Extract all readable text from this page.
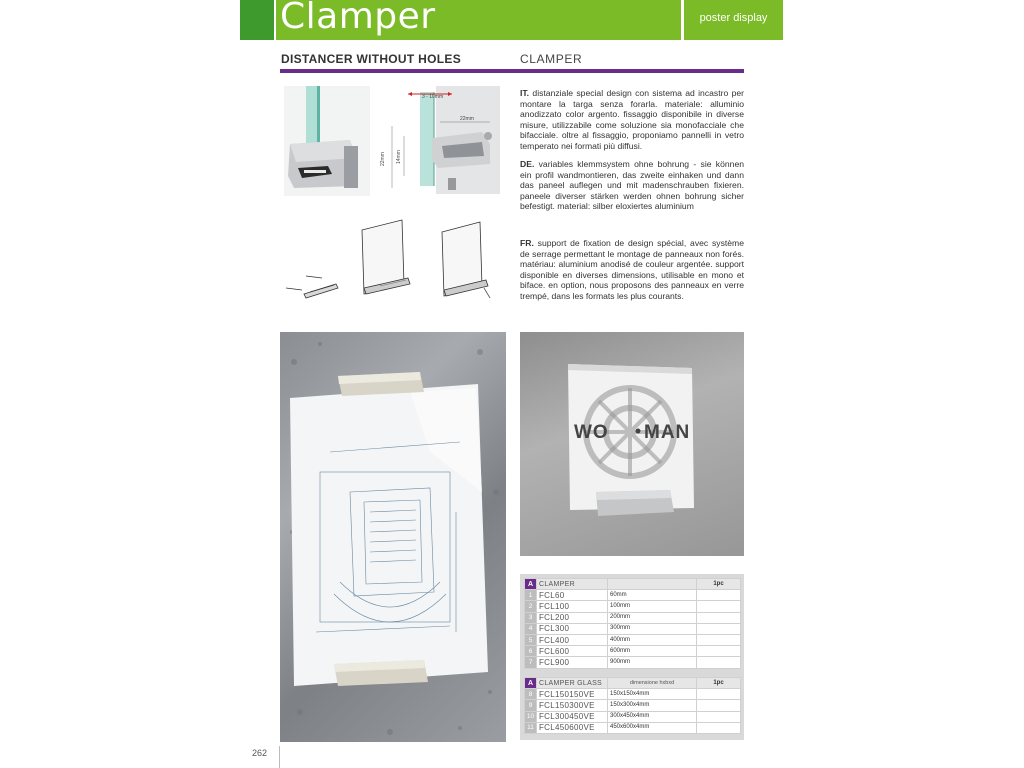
Clamper	poster display
DISTANCER WITHOUT HOLES	CLAMPER
3 - 10mm
22mm
22mm 14mm
IT. distanziale special design con sistema ad incastro per montare la targa senza forarla. materiale: alluminio anodizzato color argento. fissaggio disponibile in diverse misure, utilizzabile come soluzione sia monofacciale che bifacciale. oltre al fissaggio, proponiamo pannelli in vetro temperato nei formati più diffusi.
DE. variables klemmsystem ohne bohrung - sie können ein profil wandmontieren, das zweite einhaken und dann das paneel auflegen und mit madenschrauben fixieren. paneele diverser stärken werden ohnen bohrung sicher befestigt. material: silber eloxiertes aluminium
FR. support de fixation de design spécial, avec système de serrage permettant le montage de panneaux non forés. matériau: aluminium anodisé de couleur argentée. support disponible en diverses dimensions, utilisable en mono et biface. en option, nous proposons des panneaux en verre trempé, dans les formats les plus courants.
WO MAN
A	CLAMPER		1pc
1	FCL60	60mm	
2	FCL100	100mm	
3	FCL200	200mm	
4	FCL300	300mm	
5	FCL400	400mm	
6	FCL600	600mm	
7	FCL900	900mm	
A	CLAMPER GLASS	dimensione hxbxd	1pc
8	FCL150150VE	150x150x4mm	
9	FCL150300VE	150x300x4mm	
10	FCL300450VE	300x450x4mm	
11	FCL450600VE	450x600x4mm	
262
